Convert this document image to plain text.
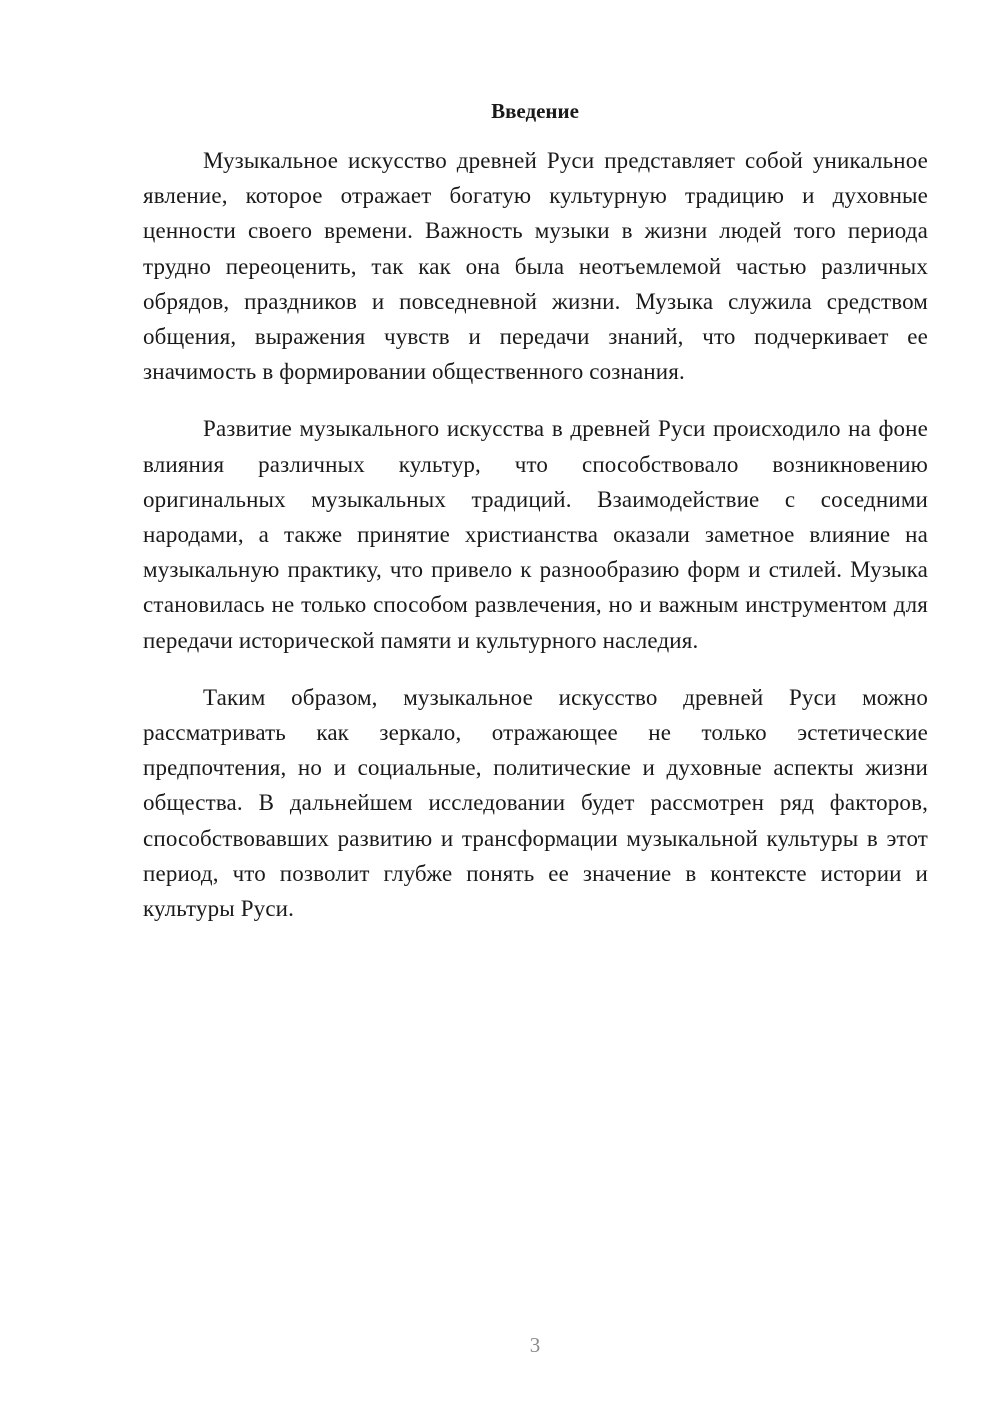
Введение

Музыкальное искусство древней Руси представляет собой уникальное явление, которое отражает богатую культурную традицию и духовные ценности своего времени. Важность музыки в жизни людей того периода трудно переоценить, так как она была неотъемлемой частью различных обрядов, праздников и повседневной жизни. Музыка служила средством общения, выражения чувств и передачи знаний, что подчеркивает ее значимость в формировании общественного сознания.

Развитие музыкального искусства в древней Руси происходило на фоне влияния различных культур, что способствовало возникновению оригинальных музыкальных традиций. Взаимодействие с соседними народами, а также принятие христианства оказали заметное влияние на музыкальную практику, что привело к разнообразию форм и стилей. Музыка становилась не только способом развлечения, но и важным инструментом для передачи исторической памяти и культурного наследия.

Таким образом, музыкальное искусство древней Руси можно рассматривать как зеркало, отражающее не только эстетические предпочтения, но и социальные, политические и духовные аспекты жизни общества. В дальнейшем исследовании будет рассмотрен ряд факторов, способствовавших развитию и трансформации музыкальной культуры в этот период, что позволит глубже понять ее значение в контексте истории и культуры Руси.

3
